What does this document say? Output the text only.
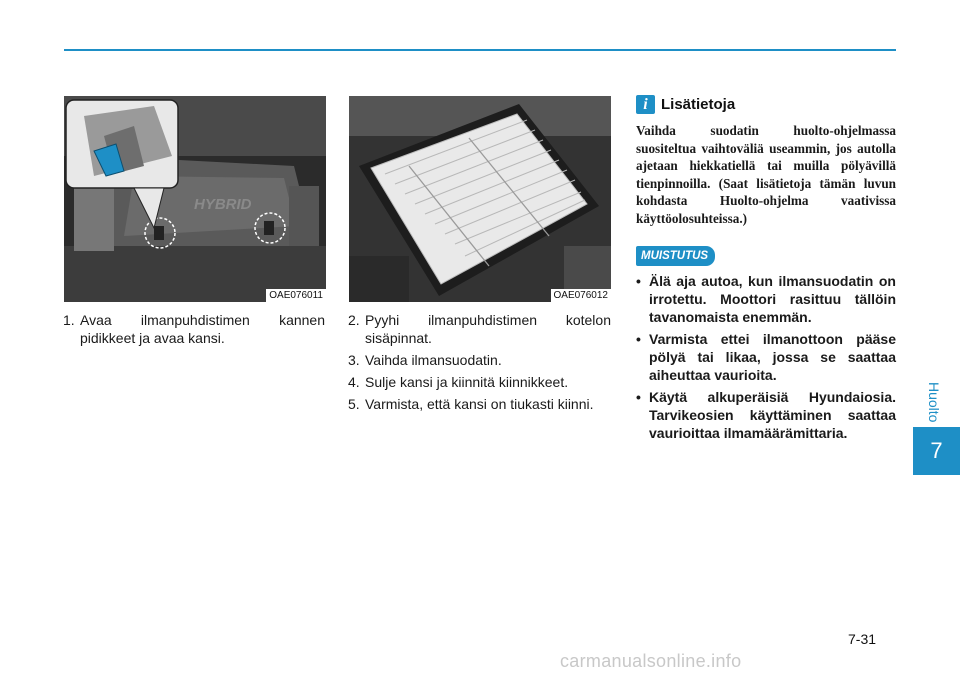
Huolto
7
HYBRID
OAE076011	OAE076012
1. Avaa ilmanpuhdistimen kannen pidikkeet ja avaa kansi.
2. Pyyhi ilmanpuhdistimen kotelon sisäpinnat.
3. Vaihda ilmansuodatin.
4. Sulje kansi ja kiinnitä kiinnikkeet.
5. Varmista, että kansi on tiukasti kiinni.
i Lisätietoja

Vaihda suodatin huolto-ohjelmassa suositeltua vaihtoväliä useammin, jos autolla ajetaan hiekkatiellä tai muilla pölyävillä tienpinnoilla. (Saat lisätietoja tämän luvun kohdasta Huolto-ohjelma vaativissa käyttöolosuhteissa.)

MUISTUTUS
• Älä aja autoa, kun ilmansuodatin on irrotettu. Moottori rasittuu tällöin tavanomaista enemmän.
• Varmista ettei ilmanottoon pääse pölyä tai likaa, jossa se saattaa aiheuttaa vaurioita.
• Käytä alkuperäisiä Hyundaiosia. Tarvikeosien käyttäminen saattaa vaurioittaa ilmamäärämittaria.
7-31
carmanualsonline.info
